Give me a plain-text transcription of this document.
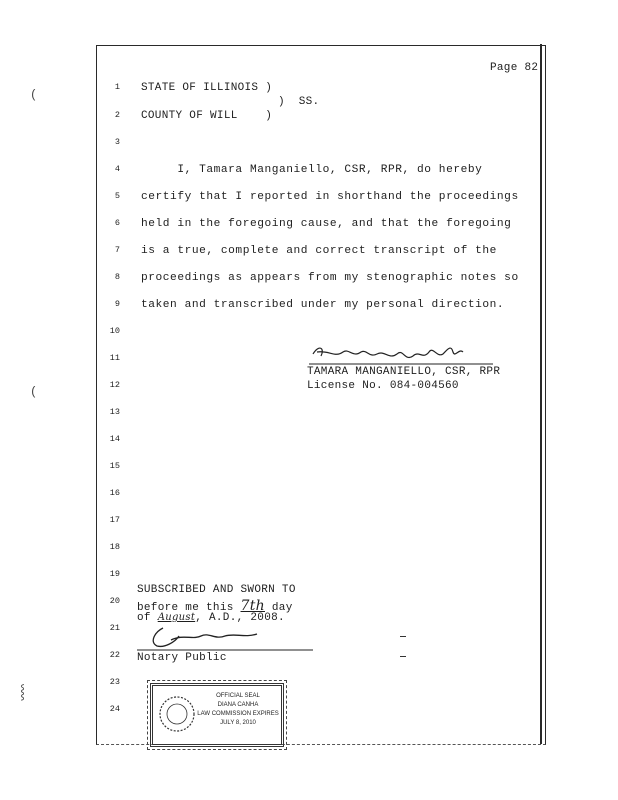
Page 82
1
2
3
4
5
6
7
8
9
10
11
12
13
14
15
16
17
18
19
20
21
22
23
24
STATE OF ILLINOIS )
)  SS.
COUNTY OF WILL    )
I, Tamara Manganiello, CSR, RPR, do hereby
certify that I reported in shorthand the proceedings
held in the foregoing cause, and that the foregoing
is a true, complete and correct transcript of the
proceedings as appears from my stenographic notes so
taken and transcribed under my personal direction.
TAMARA MANGANIELLO, CSR, RPR
License No. 084-004560
SUBSCRIBED AND SWORN TO
before me this 7th day
of August, A.D., 2008.
Notary Public
OFFICIAL SEAL
DIANA CANHA
LAW COMMISSION EXPIRES
JULY 8, 2010
(
(
⸾
